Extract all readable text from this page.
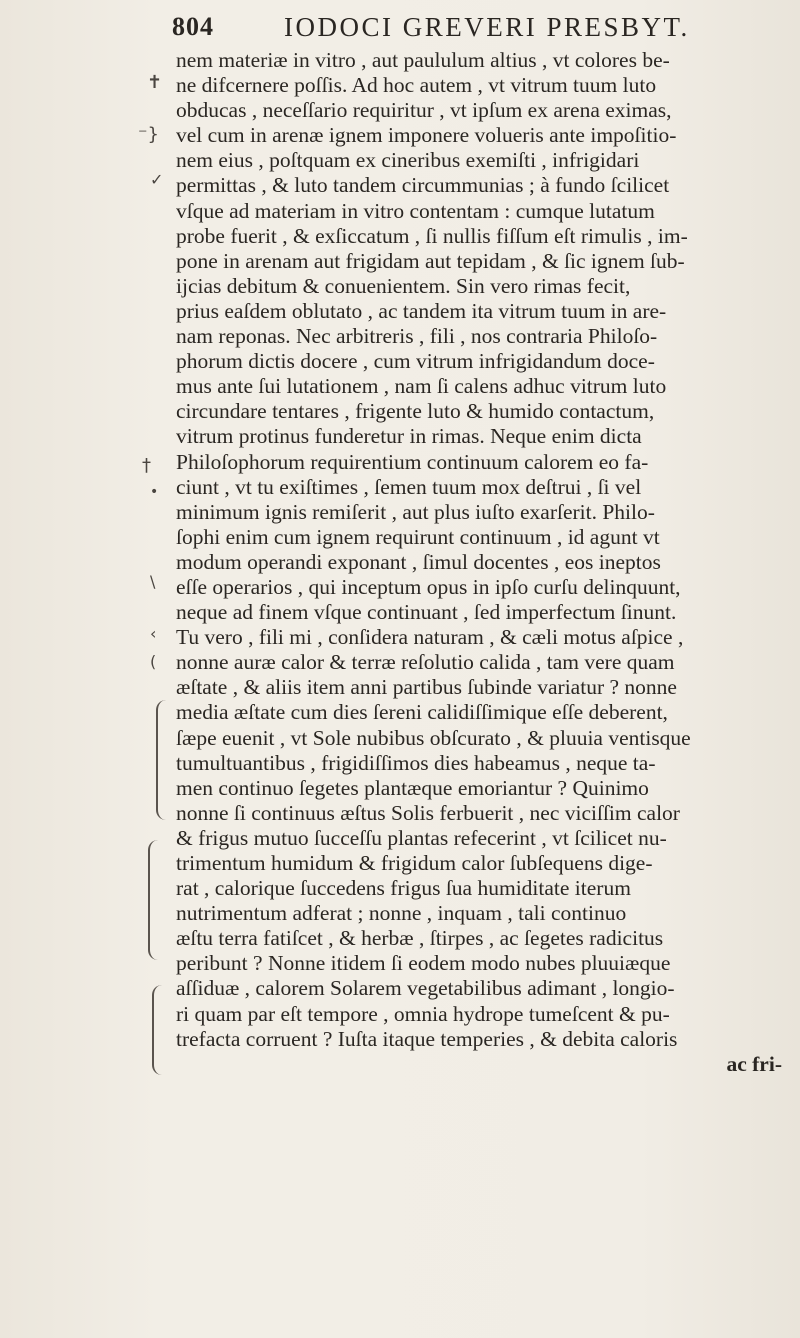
804	IODOCI GREVERI PRESBYT.
nem materiæ in vitro , aut paululum altius , vt colores be-
ne difcernere poſſis. Ad hoc autem , vt vitrum tuum luto
obducas , neceſſario requiritur , vt ipſum ex arena eximas,
vel cum in arenæ ignem imponere volueris ante impoſitio-
nem eius , poſtquam ex cineribus exemiſti , infrigidari
permittas , & luto tandem circummunias ; à fundo ſcilicet
vſque ad materiam in vitro contentam : cumque lutatum
probe fuerit , & exſiccatum , ſi nullis fiſſum eſt rimulis , im-
pone in arenam aut frigidam aut tepidam , & ſic ignem ſub-
ijcias debitum & conuenientem. Sin vero rimas fecit,
prius eaſdem oblutato , ac tandem ita vitrum tuum in are-
nam reponas. Nec arbitreris , fili , nos contraria Philoſo-
phorum dictis docere , cum vitrum infrigidandum doce-
mus ante ſui lutationem , nam ſi calens adhuc vitrum luto
circundare tentares , frigente luto & humido contactum,
vitrum protinus funderetur in rimas. Neque enim dicta
Philoſophorum requirentium continuum calorem eo fa-
ciunt , vt tu exiſtimes , ſemen tuum mox deſtrui , ſi vel
minimum ignis remiſerit , aut plus iuſto exarſerit. Philo-
ſophi enim cum ignem requirunt continuum , id agunt vt
modum operandi exponant , ſimul docentes , eos ineptos
eſſe operarios , qui inceptum opus in ipſo curſu delinquunt,
neque ad finem vſque continuant , ſed imperfectum ſinunt.
Tu vero , fili mi , conſidera naturam , & cæli motus aſpice ,
nonne auræ calor & terræ reſolutio calida , tam vere quam
æſtate , & aliis item anni partibus ſubinde variatur ? nonne
media æſtate cum dies ſereni calidiſſimique eſſe deberent,
ſæpe euenit , vt Sole nubibus obſcurato , & pluuia ventisque
tumultuantibus , frigidiſſimos dies habeamus , neque ta-
men continuo ſegetes plantæque emoriantur ? Quinimo
nonne ſi continuus æſtus Solis ferbuerit , nec viciſſim calor
& frigus mutuo ſucceſſu plantas refecerint , vt ſcilicet nu-
trimentum humidum & frigidum calor ſubſequens dige-
rat , calorique ſuccedens frigus ſua humiditate iterum
nutrimentum adferat ; nonne , inquam , tali continuo
æſtu terra fatiſcet , & herbæ , ſtirpes , ac ſegetes radicitus
peribunt ? Nonne itidem ſi eodem modo nubes pluuiæque
aſſiduæ , calorem Solarem vegetabilibus adimant , longio-
ri quam par eſt tempore , omnia hydrope tumeſcent & pu-
trefacta corruent ? Iuſta itaque temperies , & debita caloris
ac fri-
✝
⁻}
✓
†
•
\
‹
(
